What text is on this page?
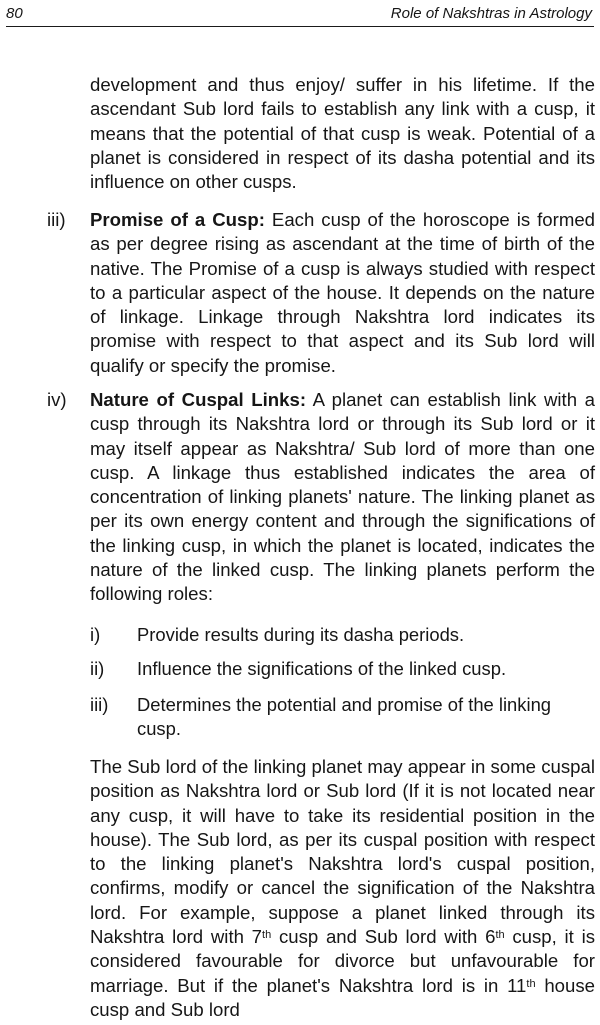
80	Role of Nakshtras in Astrology

development and thus enjoy/ suffer in his lifetime. If the ascendant Sub lord fails to establish any link with a cusp, it means that the potential of that cusp is weak. Potential of a planet is considered in respect of its dasha potential and its influence on other cusps.

iii) Promise of a Cusp: Each cusp of the horoscope is formed as per degree rising as ascendant at the time of birth of the native. The Promise of a cusp is always studied with respect to a particular aspect of the house. It depends on the nature of linkage. Linkage through Nakshtra lord indicates its promise with respect to that aspect and its Sub lord will qualify or specify the promise.

iv) Nature of Cuspal Links: A planet can establish link with a cusp through its Nakshtra lord or through its Sub lord or it may itself appear as Nakshtra/ Sub lord of more than one cusp. A linkage thus established indicates the area of concentration of linking planets' nature. The linking planet as per its own energy content and through the significations of the linking cusp, in which the planet is located, indicates the nature of the linked cusp. The linking planets perform the following roles:

i) Provide results during its dasha periods.
ii) Influence the significations of the linked cusp.
iii) Determines the potential and promise of the linking cusp.

The Sub lord of the linking planet may appear in some cuspal position as Nakshtra lord or Sub lord (If it is not located near any cusp, it will have to take its residential position in the house). The Sub lord, as per its cuspal position with respect to the linking planet's Nakshtra lord's cuspal position, confirms, modify or cancel the signification of the Nakshtra lord. For example, suppose a planet linked through its Nakshtra lord with 7th cusp and Sub lord with 6th cusp, it is considered favourable for divorce but unfavourable for marriage. But if the planet's Nakshtra lord is in 11th house cusp and Sub lord
